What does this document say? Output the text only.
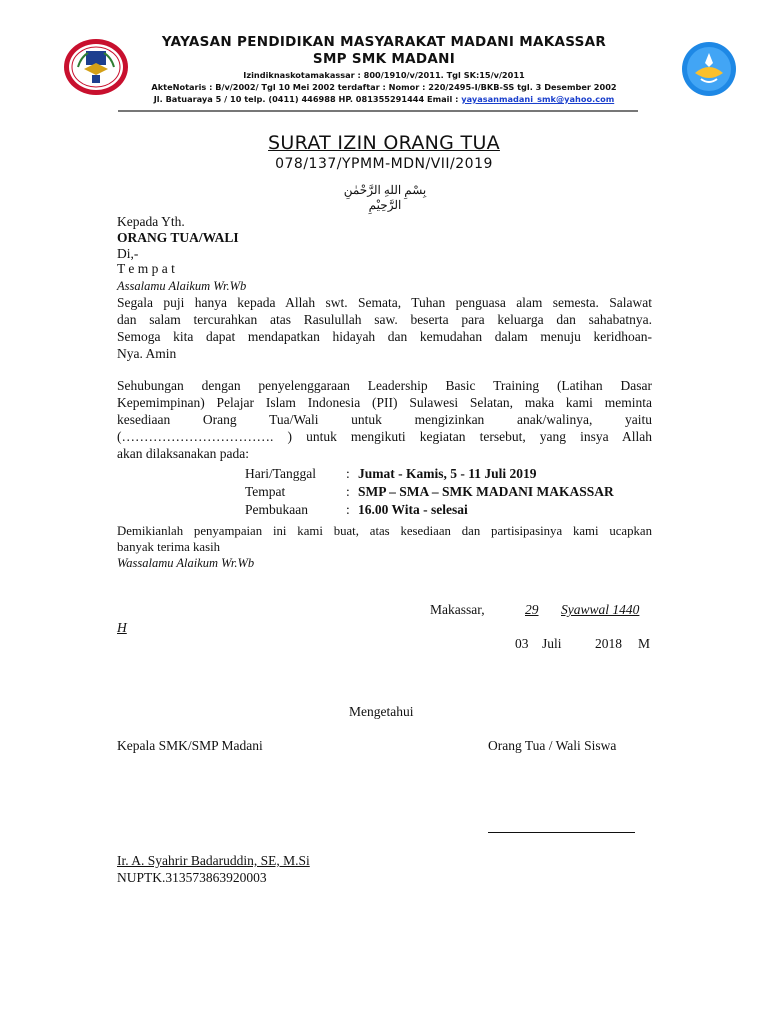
YAYASAN PENDIDIKAN MASYARAKAT MADANI MAKASSAR
SMP SMK MADANI
Izindiknaskotamakassar : 800/1910/v/2011. Tgl SK:15/v/2011
AkteNotaris : B/v/2002/ Tgl 10 Mei 2002 terdaftar : Nomor : 220/2495-I/BKB-SS tgl. 3 Desember 2002
Jl. Batuaraya 5 / 10 telp. (0411) 446988 HP. 081355291444 Email : yayasanmadani_smk@yahoo.com
SURAT IZIN ORANG TUA
078/137/YPMM-MDN/VII/2019
بِسْمِ اللهِ الرَّحْمٰنِ الرَّحِيْمِ
Kepada Yth.
ORANG TUA/WALI
Di,-
T e m p a t
Assalamu Alaikum Wr.Wb
Segala puji hanya kepada Allah swt. Semata, Tuhan penguasa alam semesta. Salawat
dan salam tercurahkan atas Rasulullah saw. beserta para keluarga dan sahabatnya.
Semoga kita dapat mendapatkan hidayah dan kemudahan dalam menuju keridhoan-
Nya. Amin
Sehubungan dengan penyelenggaraan Leadership Basic Training (Latihan Dasar
Kepemimpinan) Pelajar Islam Indonesia (PII) Sulawesi Selatan, maka kami meminta
kesediaan Orang Tua/Wali untuk mengizinkan anak/walinya, yaitu
(……………………………. ) untuk mengikuti kegiatan tersebut, yang insya Allah
akan dilaksanakan pada:
Hari/Tanggal : Jumat - Kamis, 5 - 11 Juli 2019
Tempat	: SMP – SMA – SMK MADANI MAKASSAR
Pembukaan	: 16.00 Wita - selesai
Demikianlah penyampaian ini kami buat, atas kesediaan dan partisipasinya kami ucapkan
banyak terima kasih
Wassalamu Alaikum Wr.Wb
Makassar,	29 Syawwal 1440
H
03 Juli 2018 M
Mengetahui
Kepala SMK/SMP Madani	Orang Tua / Wali Siswa
Ir. A. Syahrir Badaruddin, SE, M.Si
NUPTK.313573863920003
